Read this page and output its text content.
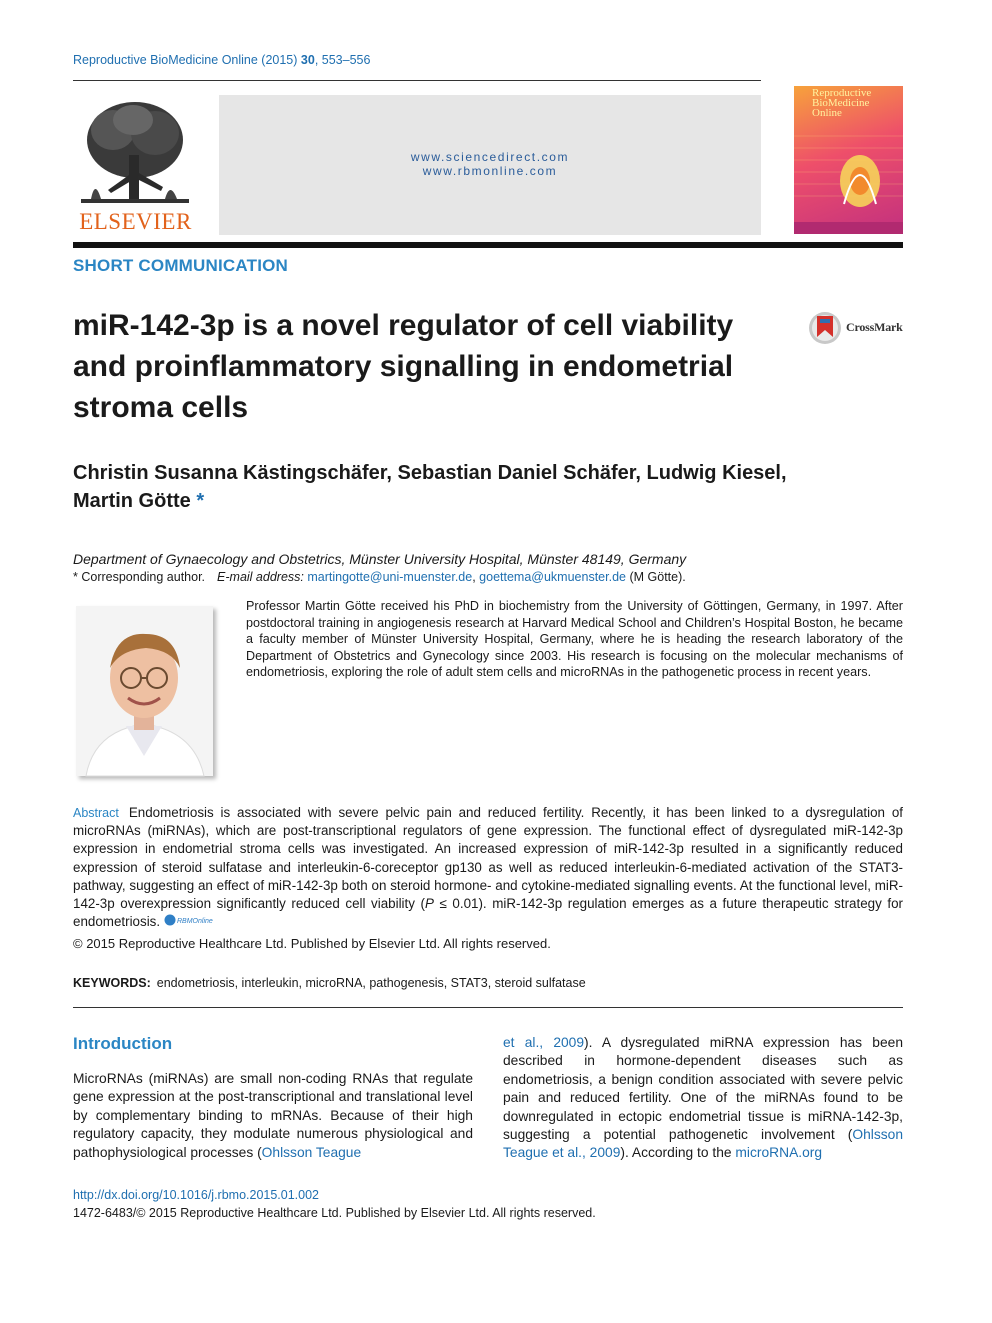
Reproductive BioMedicine Online (2015) 30, 553–556
ELSEVIER
www.sciencedirect.com
www.rbmonline.com
Reproductive BioMedicine Online
SHORT COMMUNICATION
miR-142-3p is a novel regulator of cell viability and proinflammatory signalling in endometrial stroma cells
CrossMark
Christin Susanna Kästingschäfer, Sebastian Daniel Schäfer, Ludwig Kiesel,
Martin Götte *
Department of Gynaecology and Obstetrics, Münster University Hospital, Münster 48149, Germany
* Corresponding author. E-mail address: martingotte@uni-muenster.de, goettema@ukmuenster.de (M Götte).
Professor Martin Götte received his PhD in biochemistry from the University of Göttingen, Germany, in 1997. After postdoctoral training in angiogenesis research at Harvard Medical School and Children’s Hospital Boston, he became a faculty member of Münster University Hospital, Germany, where he is heading the research laboratory of the Department of Obstetrics and Gynecology since 2003. His research is focusing on the molecular mechanisms of endometriosis, exploring the role of adult stem cells and microRNAs in the pathogenetic process in recent years.
Abstract Endometriosis is associated with severe pelvic pain and reduced fertility. Recently, it has been linked to a dysregulation of microRNAs (miRNAs), which are post-transcriptional regulators of gene expression. The functional effect of dysregulated miR-142-3p expression in endometrial stroma cells was investigated. An increased expression of miR-142-3p resulted in a significantly reduced expression of steroid sulfatase and interleukin-6-coreceptor gp130 as well as reduced interleukin-6-mediated activation of the STAT3-pathway, suggesting an effect of miR-142-3p both on steroid hormone- and cytokine-mediated signalling events. At the functional level, miR-142-3p overexpression significantly reduced cell viability (P ≤ 0.01). miR-142-3p regulation emerges as a future therapeutic strategy for endometriosis. RBMOnline
© 2015 Reproductive Healthcare Ltd. Published by Elsevier Ltd. All rights reserved.
KEYWORDS: endometriosis, interleukin, microRNA, pathogenesis, STAT3, steroid sulfatase
Introduction
MicroRNAs (miRNAs) are small non-coding RNAs that regulate gene expression at the post-transcriptional and translational level by complementary binding to mRNAs. Because of their high regulatory capacity, they modulate numerous physiological and pathophysiological processes (Ohlsson Teague
et al., 2009). A dysregulated miRNA expression has been described in hormone-dependent diseases such as endometriosis, a benign condition associated with severe pelvic pain and reduced fertility. One of the miRNAs found to be downregulated in ectopic endometrial tissue is miRNA-142-3p, suggesting a potential pathogenetic involvement (Ohlsson Teague et al., 2009). According to the microRNA.org
http://dx.doi.org/10.1016/j.rbmo.2015.01.002
1472-6483/© 2015 Reproductive Healthcare Ltd. Published by Elsevier Ltd. All rights reserved.
